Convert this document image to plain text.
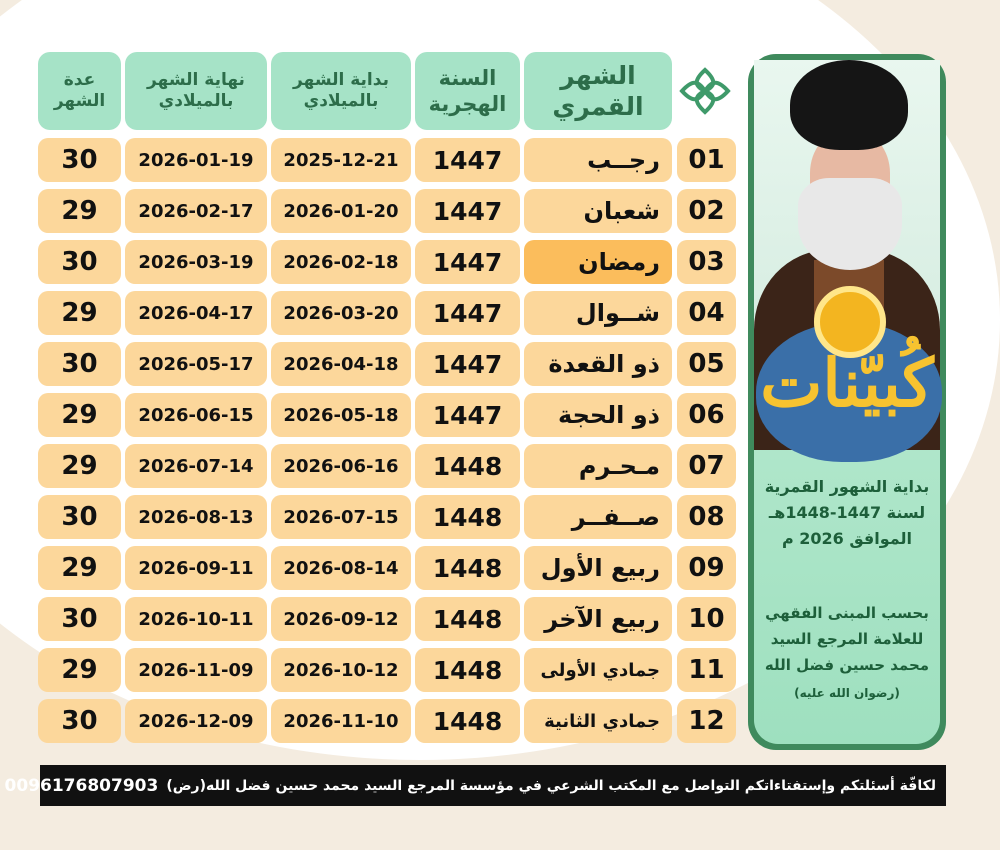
كُبيّنات
بداية الشهور القمرية
لسنة 1447-1448هـ
الموافق 2026 م
بحسب المبنى الفقهي
للعلامة المرجع السيد
محمد حسين فضل الله
(رضوان الله عليه)
الشهر
القمري
السنة
الهجرية
بداية الشهر
بالميلادي
نهاية الشهر
بالميلادي
عدة
الشهر
01
رجــب
1447
2025-12-21
2026-01-19
30
02
شعبان
1447
2026-01-20
2026-02-17
29
03
رمضان
1447
2026-02-18
2026-03-19
30
04
شــوال
1447
2026-03-20
2026-04-17
29
05
ذو القعدة
1447
2026-04-18
2026-05-17
30
06
ذو الحجة
1447
2026-05-18
2026-06-15
29
07
مـحـرم
1448
2026-06-16
2026-07-14
29
08
صــفــر
1448
2026-07-15
2026-08-13
30
09
ربيع الأول
1448
2026-08-14
2026-09-11
29
10
ربيع الآخر
1448
2026-09-12
2026-10-11
30
11
جمادي الأولى
1448
2026-10-12
2026-11-09
29
12
جمادي الثانية
1448
2026-11-10
2026-12-09
30
لكافّة أسئلتكم وإستفتاءاتكم التواصل مع المكتب الشرعي في مؤسسة المرجع السيد محمد حسين فضل الله(رض)
0096176807903
